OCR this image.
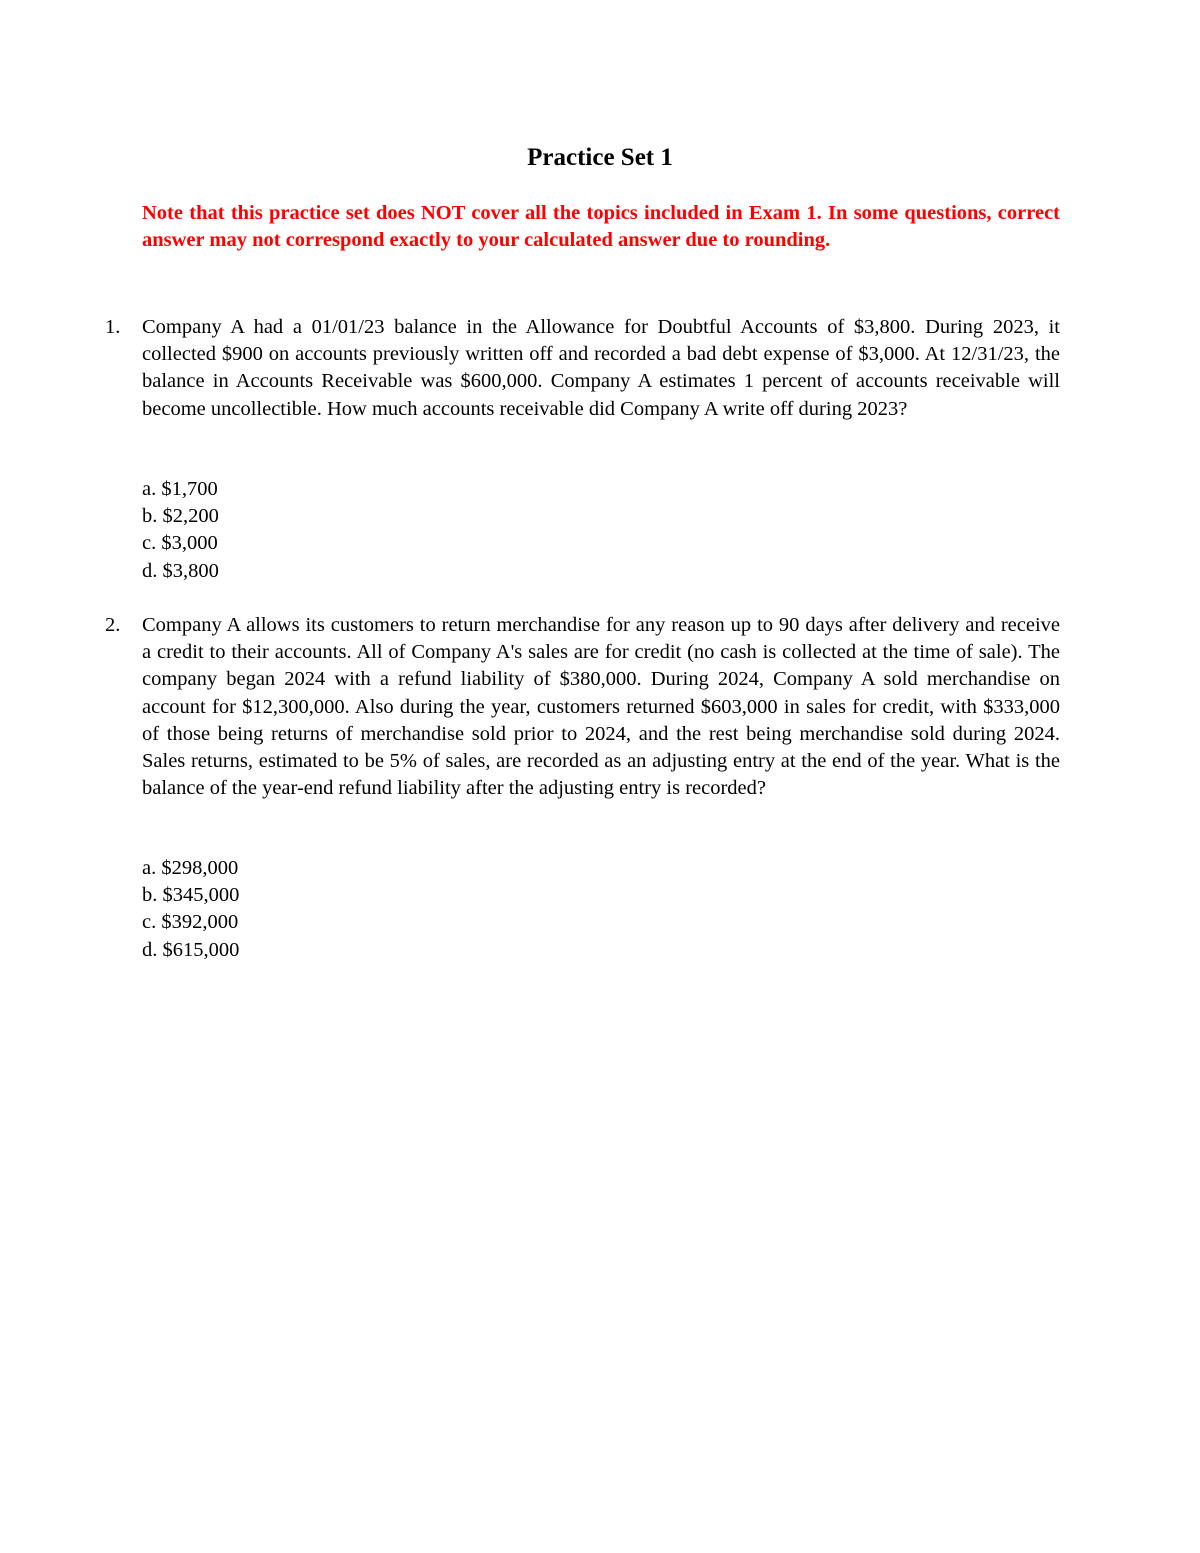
Practice Set 1
Note that this practice set does NOT cover all the topics included in Exam 1. In some questions, correct answer may not correspond exactly to your calculated answer due to rounding.
1.	Company A had a 01/01/23 balance in the Allowance for Doubtful Accounts of $3,800. During 2023, it collected $900 on accounts previously written off and recorded a bad debt expense of $3,000. At 12/31/23, the balance in Accounts Receivable was $600,000. Company A estimates 1 percent of accounts receivable will become uncollectible. How much accounts receivable did Company A write off during 2023?
a. $1,700
b. $2,200
c. $3,000
d. $3,800
2.	Company A allows its customers to return merchandise for any reason up to 90 days after delivery and receive a credit to their accounts. All of Company A's sales are for credit (no cash is collected at the time of sale). The company began 2024 with a refund liability of $380,000. During 2024, Company A sold merchandise on account for $12,300,000. Also during the year, customers returned $603,000 in sales for credit, with $333,000 of those being returns of merchandise sold prior to 2024, and the rest being merchandise sold during 2024. Sales returns, estimated to be 5% of sales, are recorded as an adjusting entry at the end of the year. What is the balance of the year-end refund liability after the adjusting entry is recorded?
a. $298,000
b. $345,000
c. $392,000
d. $615,000
